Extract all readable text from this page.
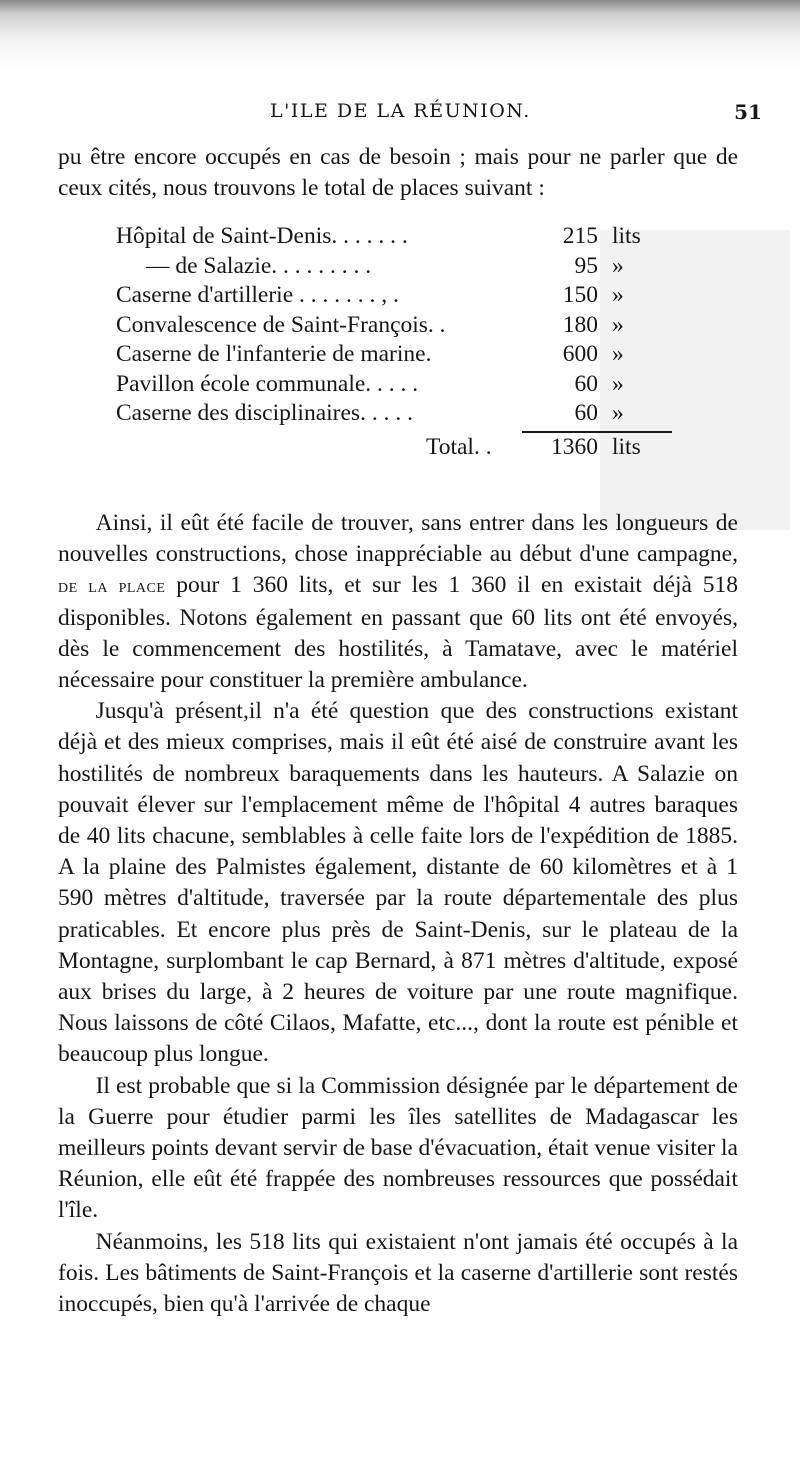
L'ILE DE LA RÉUNION.	51

pu être encore occupés en cas de besoin ; mais pour ne parler que de ceux cités, nous trouvons le total de places suivant :

Hôpital de Saint-Denis. . . . . . .	215 lits
— de Salazie. . . . . . . . .	95 »
Caserne d'artillerie . . . . . . . , .	150 »
Convalescence de Saint-François. .	180 »
Caserne de l'infanterie de marine.	600 »
Pavillon école communale. . . . .	60 »
Caserne des disciplinaires. . . . .	60 »
Total. .	1360 lits

Ainsi, il eût été facile de trouver, sans entrer dans les longueurs de nouvelles constructions, chose inappréciable au début d'une campagne, de la place pour 1 360 lits, et sur les 1 360 il en existait déjà 518 disponibles. Notons également en passant que 60 lits ont été envoyés, dès le commencement des hostilités, à Tamatave, avec le matériel nécessaire pour constituer la première ambulance.

Jusqu'à présent,il n'a été question que des constructions existant déjà et des mieux comprises, mais il eût été aisé de construire avant les hostilités de nombreux baraquements dans les hauteurs. A Salazie on pouvait élever sur l'emplacement même de l'hôpital 4 autres baraques de 40 lits chacune, semblables à celle faite lors de l'expédition de 1885. A la plaine des Palmistes également, distante de 60 kilomètres et à 1 590 mètres d'altitude, traversée par la route départementale des plus praticables. Et encore plus près de Saint-Denis, sur le plateau de la Montagne, surplombant le cap Bernard, à 871 mètres d'altitude, exposé aux brises du large, à 2 heures de voiture par une route magnifique. Nous laissons de côté Cilaos, Mafatte, etc..., dont la route est pénible et beaucoup plus longue.

Il est probable que si la Commission désignée par le département de la Guerre pour étudier parmi les îles satellites de Madagascar les meilleurs points devant servir de base d'évacuation, était venue visiter la Réunion, elle eût été frappée des nombreuses ressources que possédait l'île.

Néanmoins, les 518 lits qui existaient n'ont jamais été occupés à la fois. Les bâtiments de Saint-François et la caserne d'artillerie sont restés inoccupés, bien qu'à l'arrivée de chaque
